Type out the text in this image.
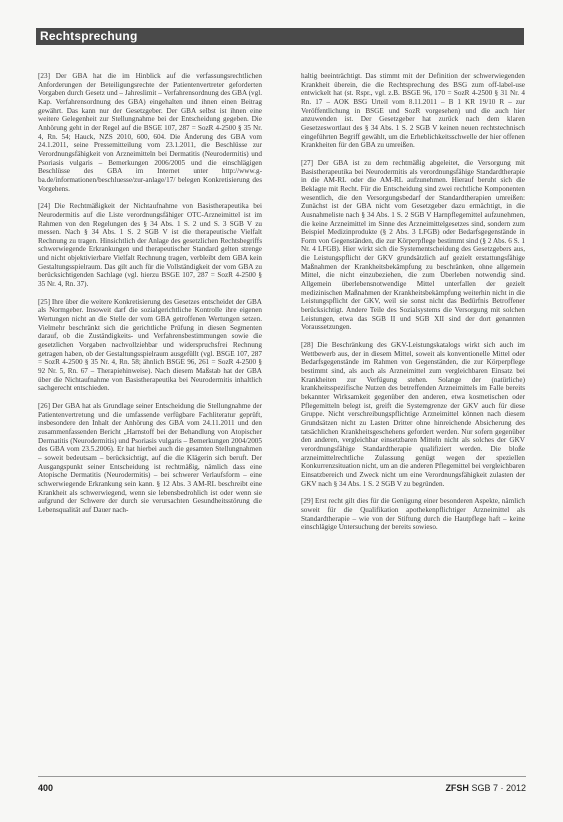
Rechtsprechung

[23] Der GBA hat die im Hinblick auf die verfassungsrechtlichen Anforderungen der Beteiligungsrechte der Patientenvertreter geforderten Vorgaben durch Gesetz und – Jahreslimit – Verfahrensordnung des GBA (vgl. Kap. Verfahrensordnung des GBA) eingehalten und ihnen einen Beitrag gewährt. Das kann nur der Gesetzgeber. Der GBA selbst ist ihnen eine weitere Gelegenheit zur Stellungnahme bei der Entscheidung gegeben. Die Anhörung geht in der Regel auf die BSGE 107, 287 = SozR 4-2500 § 35 Nr. 4, Rn. 54; Hauck, NZS 2010, 600, 604. Die Änderung des GBA vom 24.1.2011, seine Pressemitteilung vom 23.1.2011, die Beschlüsse zur Verordnungsfähigkeit von Arzneimitteln bei Dermatitis (Neurodermitis) und Psoriasis vulgaris – Bemerkungen 2006/2005 und die einschlägigen Beschlüsse des GBA im Internet unter http://www.g-ba.de/informationen/beschluesse/zur-anlage/17/ belegen Konkretisierung des Vorgehens.

[24] Die Rechtmäßigkeit der Nichtaufnahme von Basistherapeutika bei Neurodermitis auf die Liste verordnungsfähiger OTC-Arzneimittel ist im Rahmen von den Regelungen des § 34 Abs. 1 S. 2 und S. 3 SGB V zu messen. Nach § 34 Abs. 1 S. 2 SGB V ist die therapeutische Vielfalt Rechnung zu tragen. Hinsichtlich der Anlage des gesetzlichen Rechtsbegriffs schwerwiegende Erkrankungen und therapeutischer Standard gelten strenge und nicht objektivierbare Vielfalt Rechnung tragen, verbleibt dem GBA kein Gestaltungsspielraum. Das gilt auch für die Vollständigkeit der vom GBA zu berücksichtigenden Sachlage (vgl. hierzu BSGE 107, 287 = SozR 4-2500 § 35 Nr. 4, Rn. 37).

[25] Ihre über die weitere Konkretisierung des Gesetzes entscheidet der GBA als Normgeber. Insoweit darf die sozialgerichtliche Kontrolle ihre eigenen Wertungen nicht an die Stelle der vom GBA getroffenen Wertungen setzen. Vielmehr beschränkt sich die gerichtliche Prüfung in diesen Segmenten darauf, ob die Zuständigkeits- und Verfahrensbestimmungen sowie die gesetzlichen Vorgaben nachvollziehbar und widerspruchsfrei Rechnung getragen haben, ob der Gestaltungsspielraum ausgefüllt (vgl. BSGE 107, 287 = SozR 4-2500 § 35 Nr. 4, Rn. 58; ähnlich BSGE 96, 261 = SozR 4-2500 § 92 Nr. 5, Rn. 67 – Therapiehinweise). Nach diesem Maßstab hat der GBA über die Nichtaufnahme von Basistherapeutika bei Neurodermitis inhaltlich sachgerecht entschieden.

[26] Der GBA hat als Grundlage seiner Entscheidung die Stellungnahme der Patientenvertretung und die umfassende verfügbare Fachliteratur geprüft, insbesondere den Inhalt der Anhörung des GBA vom 24.11.2011 und den zusammenfassenden Bericht „Harnstoff bei der Behandlung von Atopischer Dermatitis (Neurodermitis) und Psoriasis vulgaris – Bemerkungen 2004/2005 des GBA vom 23.5.2006). Er hat hierbei auch die gesamten Stellungnahmen – soweit bedeutsam – berücksichtigt, auf die die Klägerin sich beruft. Der Ausgangspunkt seiner Entscheidung ist rechtmäßig, nämlich dass eine Atopische Dermatitis (Neurodermitis) – bei schwerer Verlaufsform – eine schwerwiegende Erkrankung sein kann. § 12 Abs. 3 AM-RL beschreibt eine Krankheit als schwerwiegend, wenn sie lebensbedrohlich ist oder wenn sie aufgrund der Schwere der durch sie verursachten Gesundheitsstörung die Lebensqualität auf Dauer nach-

haltig beeinträchtigt. Das stimmt mit der Definition der schwerwiegenden Krankheit überein, die die Rechtsprechung des BSG zum off-label-use entwickelt hat (st. Rspr., vgl. z.B. BSGE 96, 170 = SozR 4-2500 § 31 Nr. 4 Rn. 17 – AOK BSG Urteil vom 8.11.2011 – B 1 KR 19/10 R – zur Veröffentlichung in BSGE und SozR vorgesehen) und die auch hier anzuwenden ist. Der Gesetzgeber hat zurück nach dem klaren Gesetzeswortlaut des § 34 Abs. 1 S. 2 SGB V keinen neuen rechtstechnisch eingeführten Begriff gewählt, um die Erheblichkeitsschwelle der hier offenen Krankheiten für den GBA zu umreißen.

[27] Der GBA ist zu dem rechtmäßig abgeleitet, die Versorgung mit Basistherapeutika bei Neurodermitis als verordnungsfähige Standardtherapie in die AM-RL oder die AM-RL aufzunehmen. Hierauf beruht sich die Beklagte mit Recht. Für die Entscheidung sind zwei rechtliche Komponenten wesentlich, die den Versorgungsbedarf der Standardtherapien umreißen: Zunächst ist der GBA nicht vom Gesetzgeber dazu ermächtigt, in die Ausnahmeliste nach § 34 Abs. 1 S. 2 SGB V Harnpflegemittel aufzunehmen, die keine Arzneimittel im Sinne des Arzneimittelgesetzes sind, sondern zum Beispiel Medizinprodukte (§ 2 Abs. 3 LFGB) oder Bedarfsgegenstände in Form von Gegenständen, die zur Körperpflege bestimmt sind (§ 2 Abs. 6 S. 1 Nr. 4 LFGB). Hier wirkt sich die Systementscheidung des Gesetzgebers aus, die Leistungspflicht der GKV grundsätzlich auf gezielt erstattungsfähige Maßnahmen der Krankheitsbekämpfung zu beschränken, ohne allgemein Mittel, die nicht einzubeziehen, die zum Überleben notwendig sind. Allgemein überlebensnotwendige Mittel unterfallen der gezielt medizinischen Maßnahmen der Krankheitsbekämpfung weiterhin nicht in die Leistungspflicht der GKV, weil sie sonst nicht das Bedürfnis Betroffener berücksichtigt. Andere Teile des Sozialsystems die Versorgung mit solchen Leistungen, etwa das SGB II und SGB XII sind der dort genannten Voraussetzungen.

[28] Die Beschränkung des GKV-Leistungskatalogs wirkt sich auch im Wettbewerb aus, der in diesem Mittel, soweit als konventionelle Mittel oder Bedarfsgegenstände im Rahmen von Gegenständen, die zur Körperpflege bestimmt sind, als auch als Arzneimittel zum vergleichbaren Einsatz bei Krankheiten zur Verfügung stehen. Solange der (natürliche) krankheitsspezifische Nutzen des betreffenden Arzneimittels im Falle bereits bekannter Wirksamkeit gegenüber den anderen, etwa kosmetischen oder Pflegemitteln belegt ist, greift die Systemgrenze der GKV auch für diese Gruppe. Nicht verschreibungspflichtige Arzneimittel können nach diesem Grundsätzen nicht zu Lasten Dritter ohne hinreichende Absicherung des tatsächlichen Krankheitsgeschehens gefordert werden. Nur sofern gegenüber den anderen, vergleichbar einsetzbaren Mitteln nicht als solches der GKV verordnungsfähige Standardtherapie qualifiziert werden. Die bloße arzneimittelrechtliche Zulassung genügt wegen der speziellen Konkurrenzsituation nicht, um an die anderen Pflegemittel bei vergleichbaren Einsatzbereich und Zweck nicht um eine Verordnungsfähigkeit zulasten der GKV nach § 34 Abs. 1 S. 2 SGB V zu begründen.

[29] Erst recht gilt dies für die Genügung einer besonderen Aspekte, nämlich soweit für die Qualifikation apothekenpflichtiger Arzneimittel als Standardtherapie – wie von der Stiftung durch die Hautpflege haft – keine einschlägige Untersuchung der bereits sowieso.

400	ZFSH SGB 7 · 2012
